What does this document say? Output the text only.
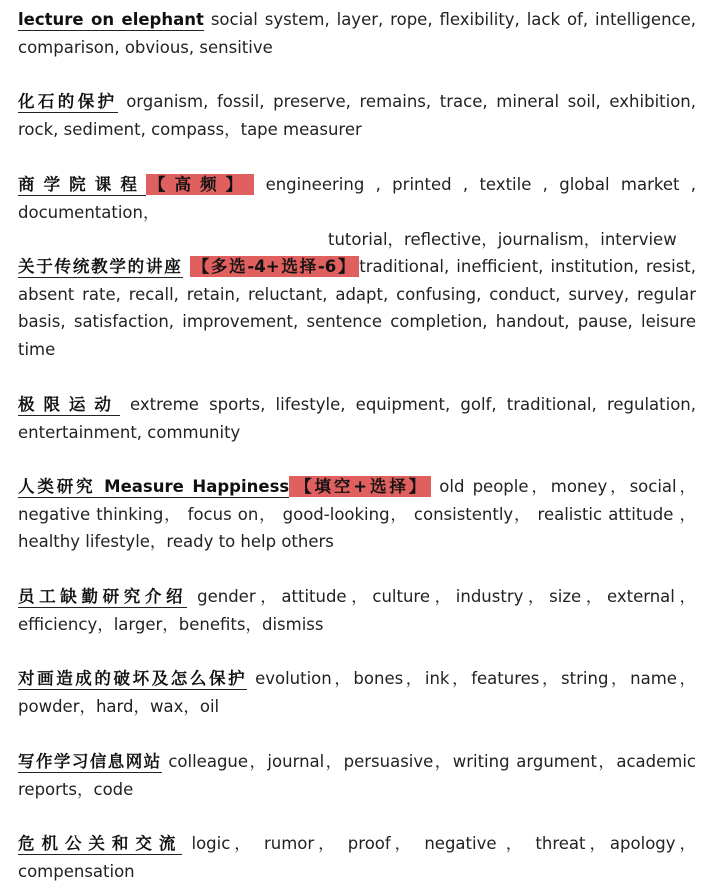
lecture on elephant social system, layer, rope, flexibility, lack of, intelligence, comparison, obvious, sensitive
化石的保护 organism, fossil, preserve, remains, trace, mineral soil, exhibition, rock, sediment, compass，tape measurer
商学院课程 【高频】 engineering , printed , textile , global market , documentation，
tutorial，reflective，journalism，interview
关于传统教学的讲座 【多选-4+选择-6】 traditional, inefficient, institution, resist, absent rate, recall, retain, reluctant, adapt, confusing, conduct, survey, regular basis, satisfaction, improvement, sentence completion, handout, pause, leisure time
极限运动 extreme sports, lifestyle, equipment, golf, traditional, regulation, entertainment, community
人类研究 Measure Happiness 【填空+选择】 old people，money，social，negative thinking， focus on， good-looking， consistently， realistic attitude ， healthy lifestyle，ready to help others
员工缺勤研究介绍 gender，attitude，culture，industry，size，external，efficiency，larger，benefits，dismiss
对画造成的破坏及怎么保护 evolution，bones，ink，features，string，name，powder，hard，wax，oil
写作学习信息网站 colleague，journal，persuasive，writing argument，academic reports，code
危机公关和交流 logic， rumor， proof， negative ， threat，apology，compensation
